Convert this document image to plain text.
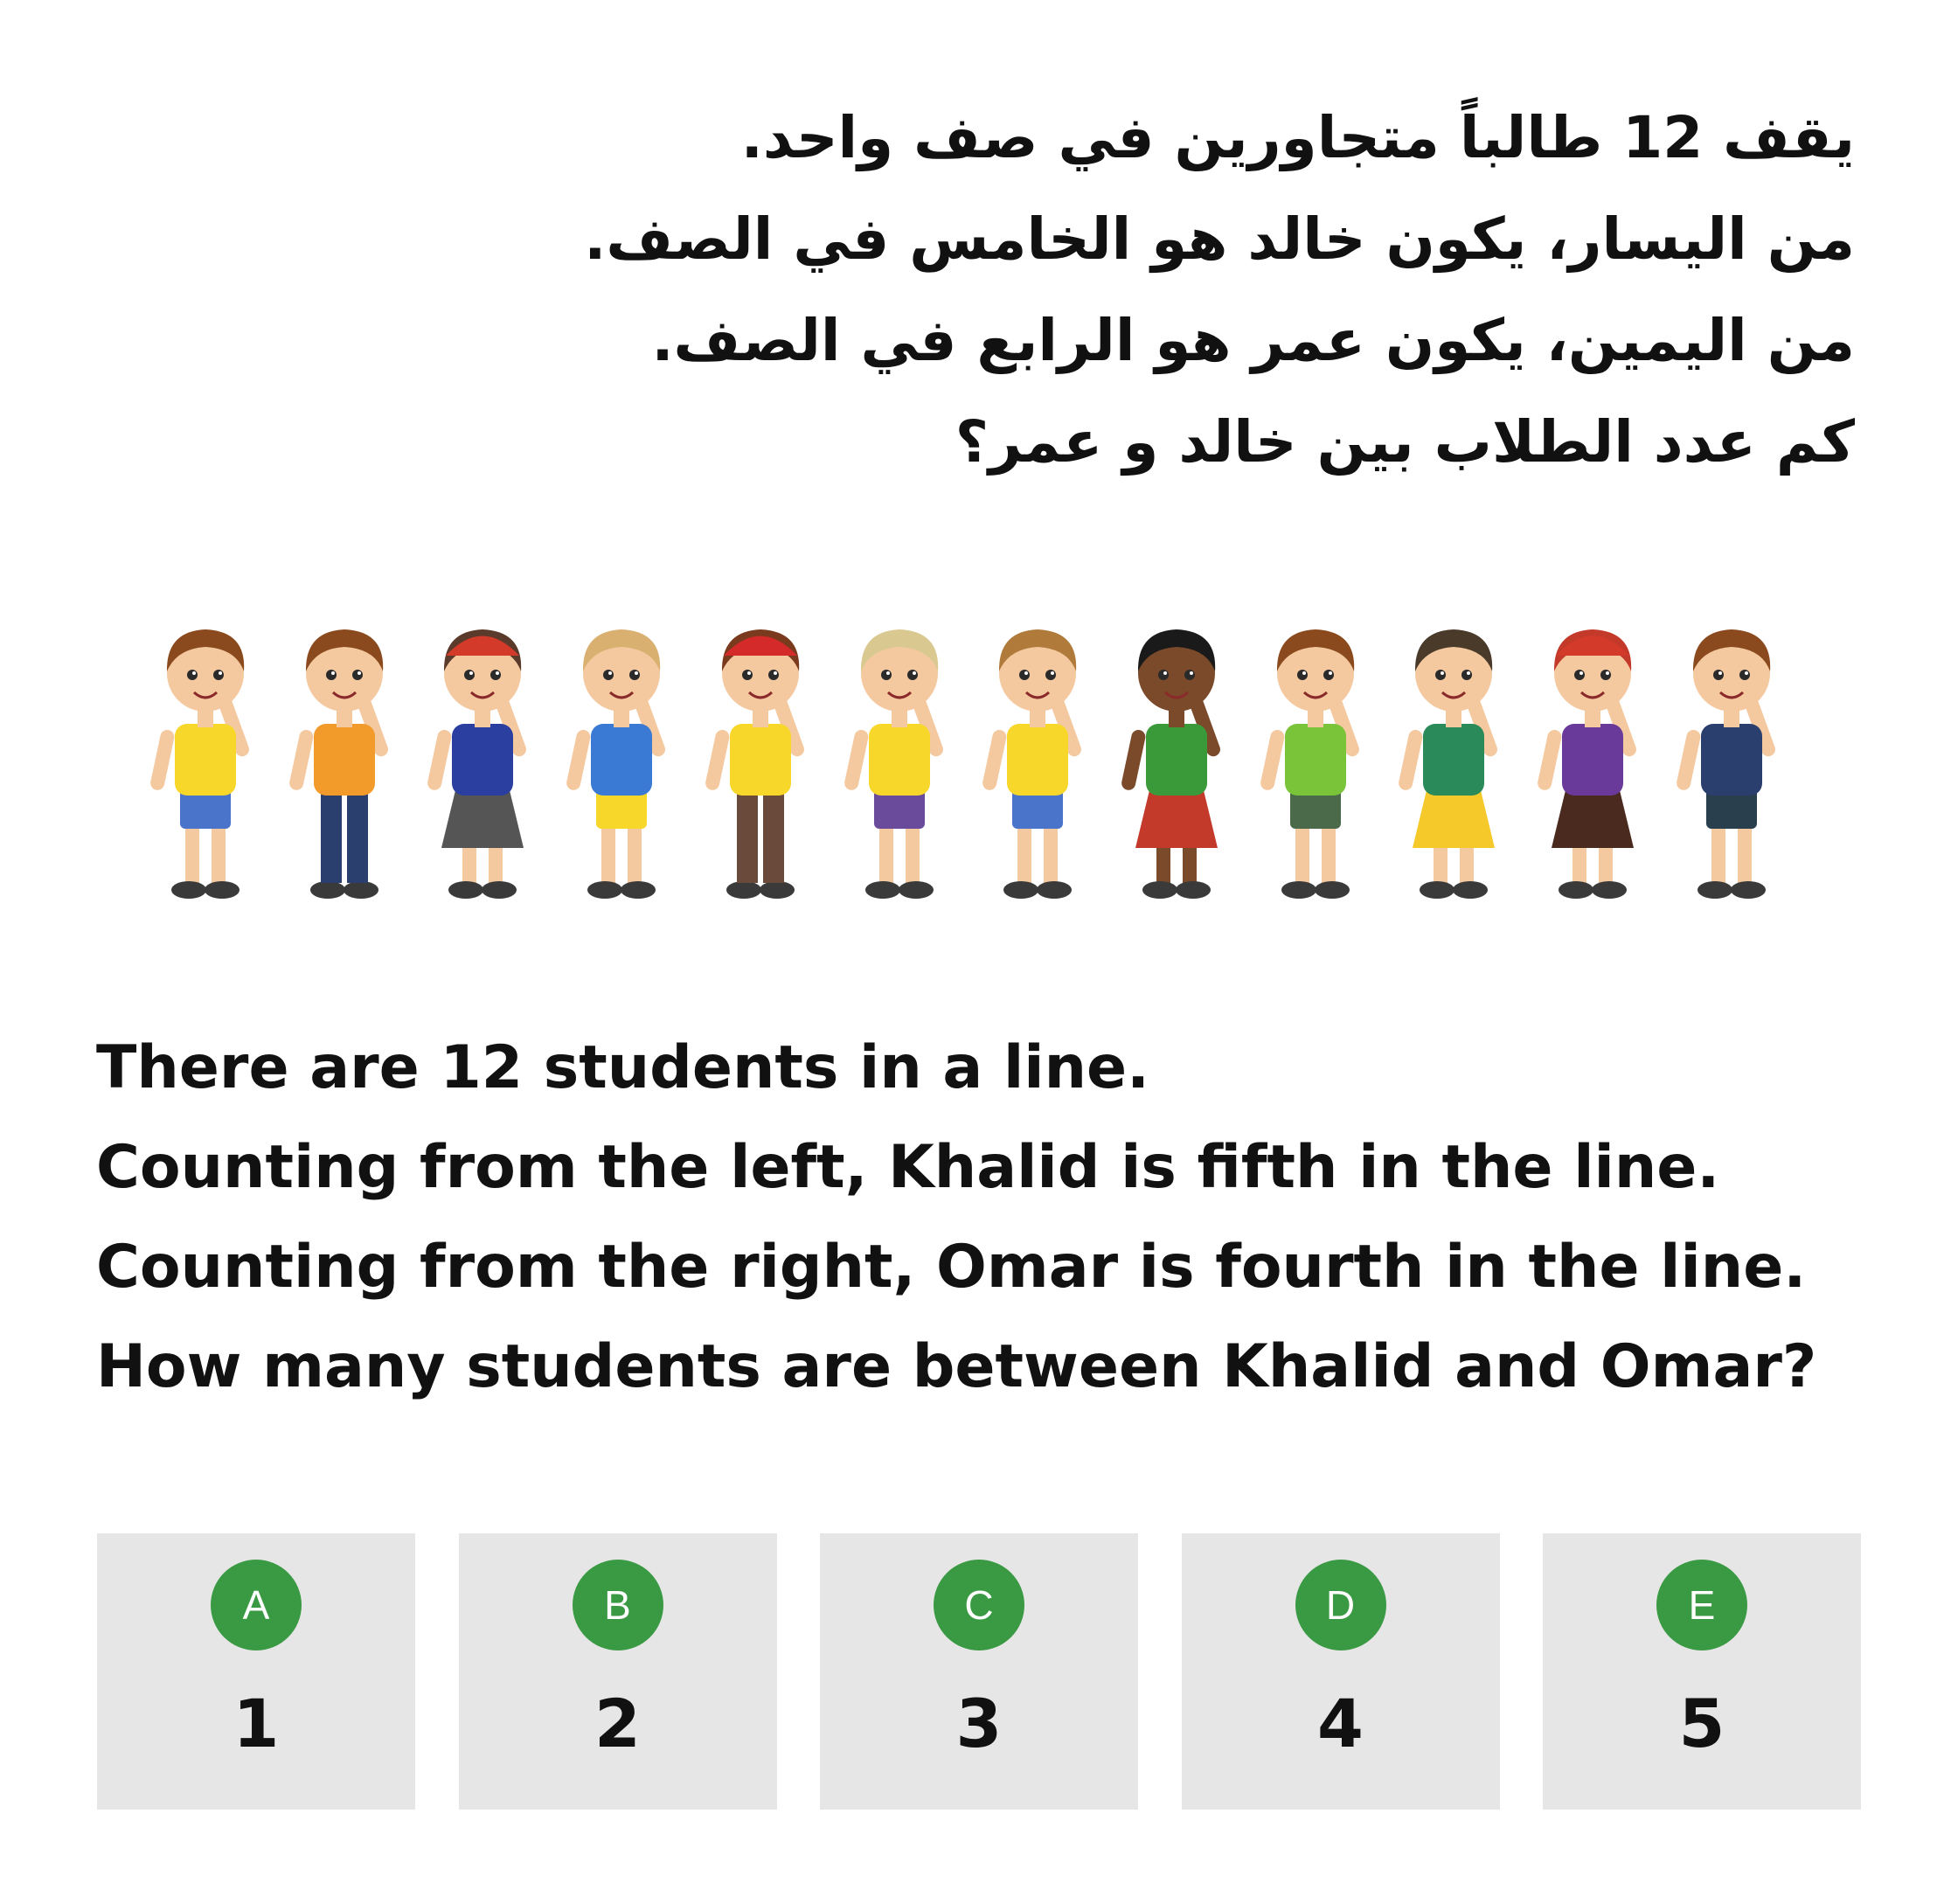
يقف 12 طالباً متجاورين في صف واحد.
من اليسار، يكون خالد هو الخامس في الصف.
من اليمين، يكون عمر هو الرابع في الصف.
كم عدد الطلاب بين خالد و عمر؟
There are 12 students in a line.
Counting from the left, Khalid is fifth in the line.
Counting from the right, Omar is fourth in the line.
How many students are between Khalid and Omar?
A
1
B
2
C
3
D
4
E
5
